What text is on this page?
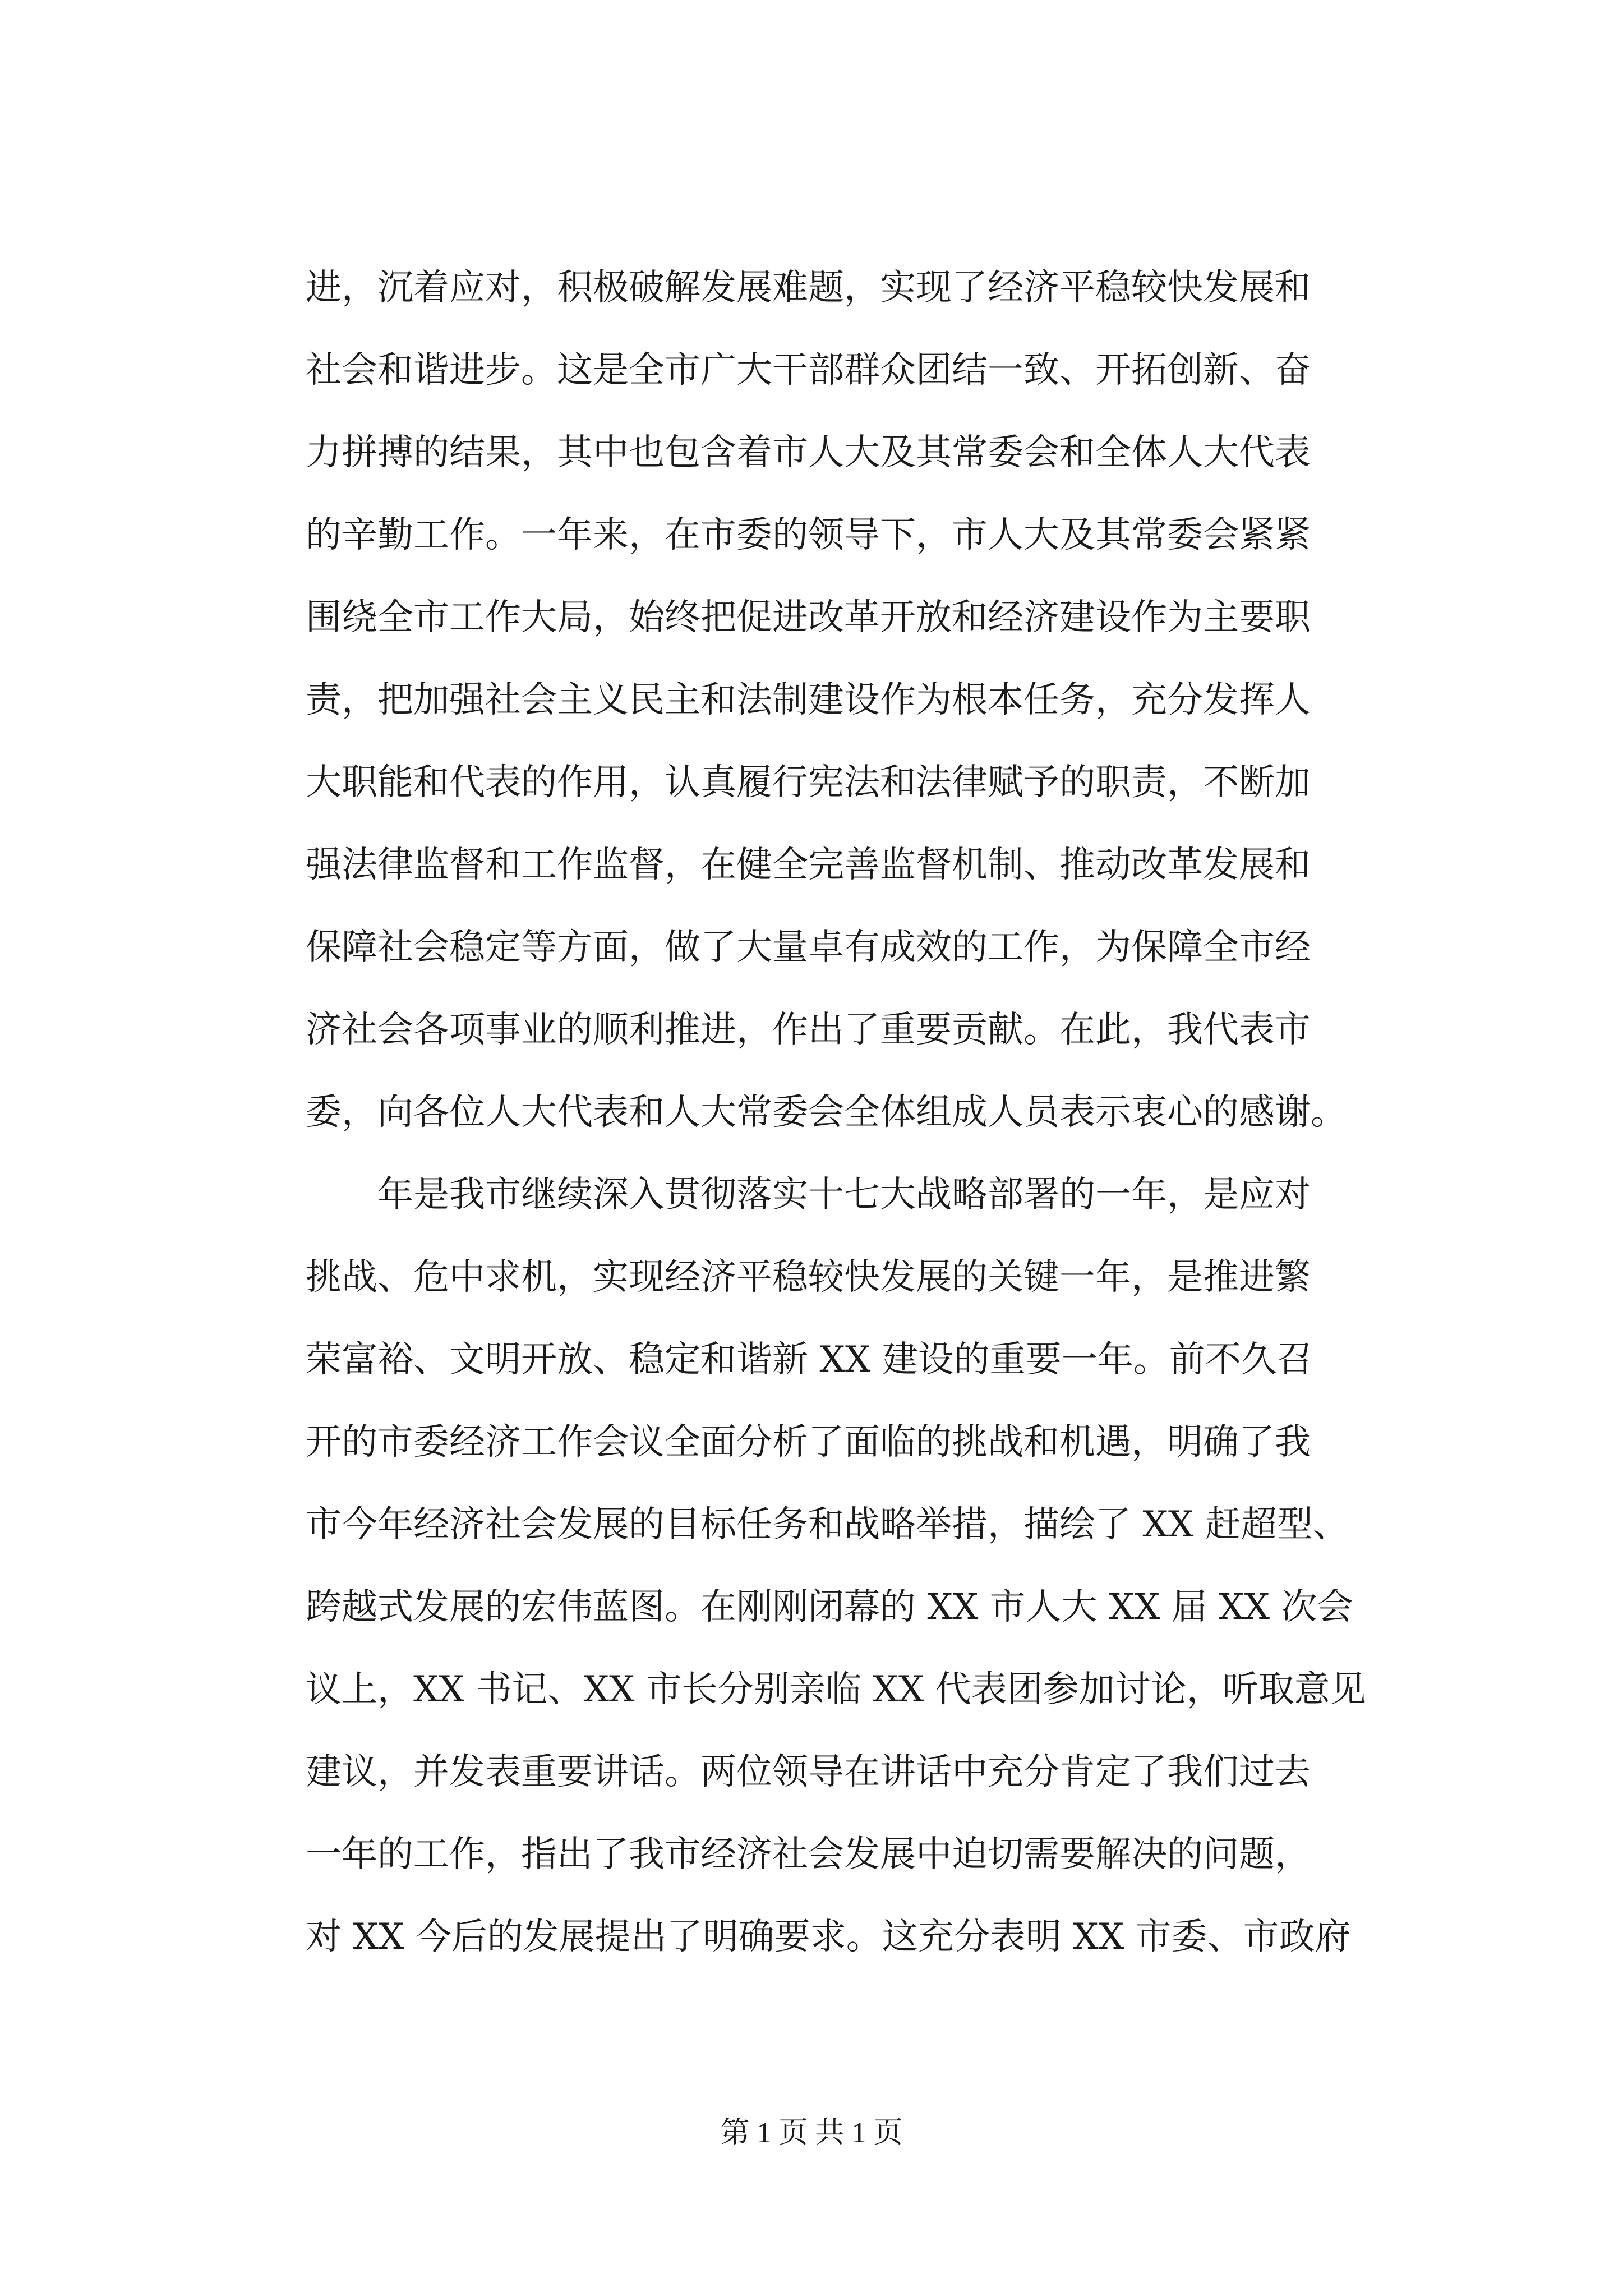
进，沉着应对，积极破解发展难题，实现了经济平稳较快发展和
社会和谐进步。这是全市广大干部群众团结一致、开拓创新、奋
力拼搏的结果，其中也包含着市人大及其常委会和全体人大代表
的辛勤工作。一年来，在市委的领导下，市人大及其常委会紧紧
围绕全市工作大局，始终把促进改革开放和经济建设作为主要职
责，把加强社会主义民主和法制建设作为根本任务，充分发挥人
大职能和代表的作用，认真履行宪法和法律赋予的职责，不断加
强法律监督和工作监督，在健全完善监督机制、推动改革发展和
保障社会稳定等方面，做了大量卓有成效的工作，为保障全市经
济社会各项事业的顺利推进，作出了重要贡献。在此，我代表市
委，向各位人大代表和人大常委会全体组成人员表示衷心的感谢。
　　年是我市继续深入贯彻落实十七大战略部署的一年，是应对
挑战、危中求机，实现经济平稳较快发展的关键一年，是推进繁
荣富裕、文明开放、稳定和谐新 XX 建设的重要一年。前不久召
开的市委经济工作会议全面分析了面临的挑战和机遇，明确了我
市今年经济社会发展的目标任务和战略举措，描绘了 XX 赶超型、
跨越式发展的宏伟蓝图。在刚刚闭幕的 XX 市人大 XX 届 XX 次会
议上，XX 书记、XX 市长分别亲临 XX 代表团参加讨论，听取意见
建议，并发表重要讲话。两位领导在讲话中充分肯定了我们过去
一年的工作，指出了我市经济社会发展中迫切需要解决的问题，
对 XX 今后的发展提出了明确要求。这充分表明 XX 市委、市政府
第 1 页 共 1 页
